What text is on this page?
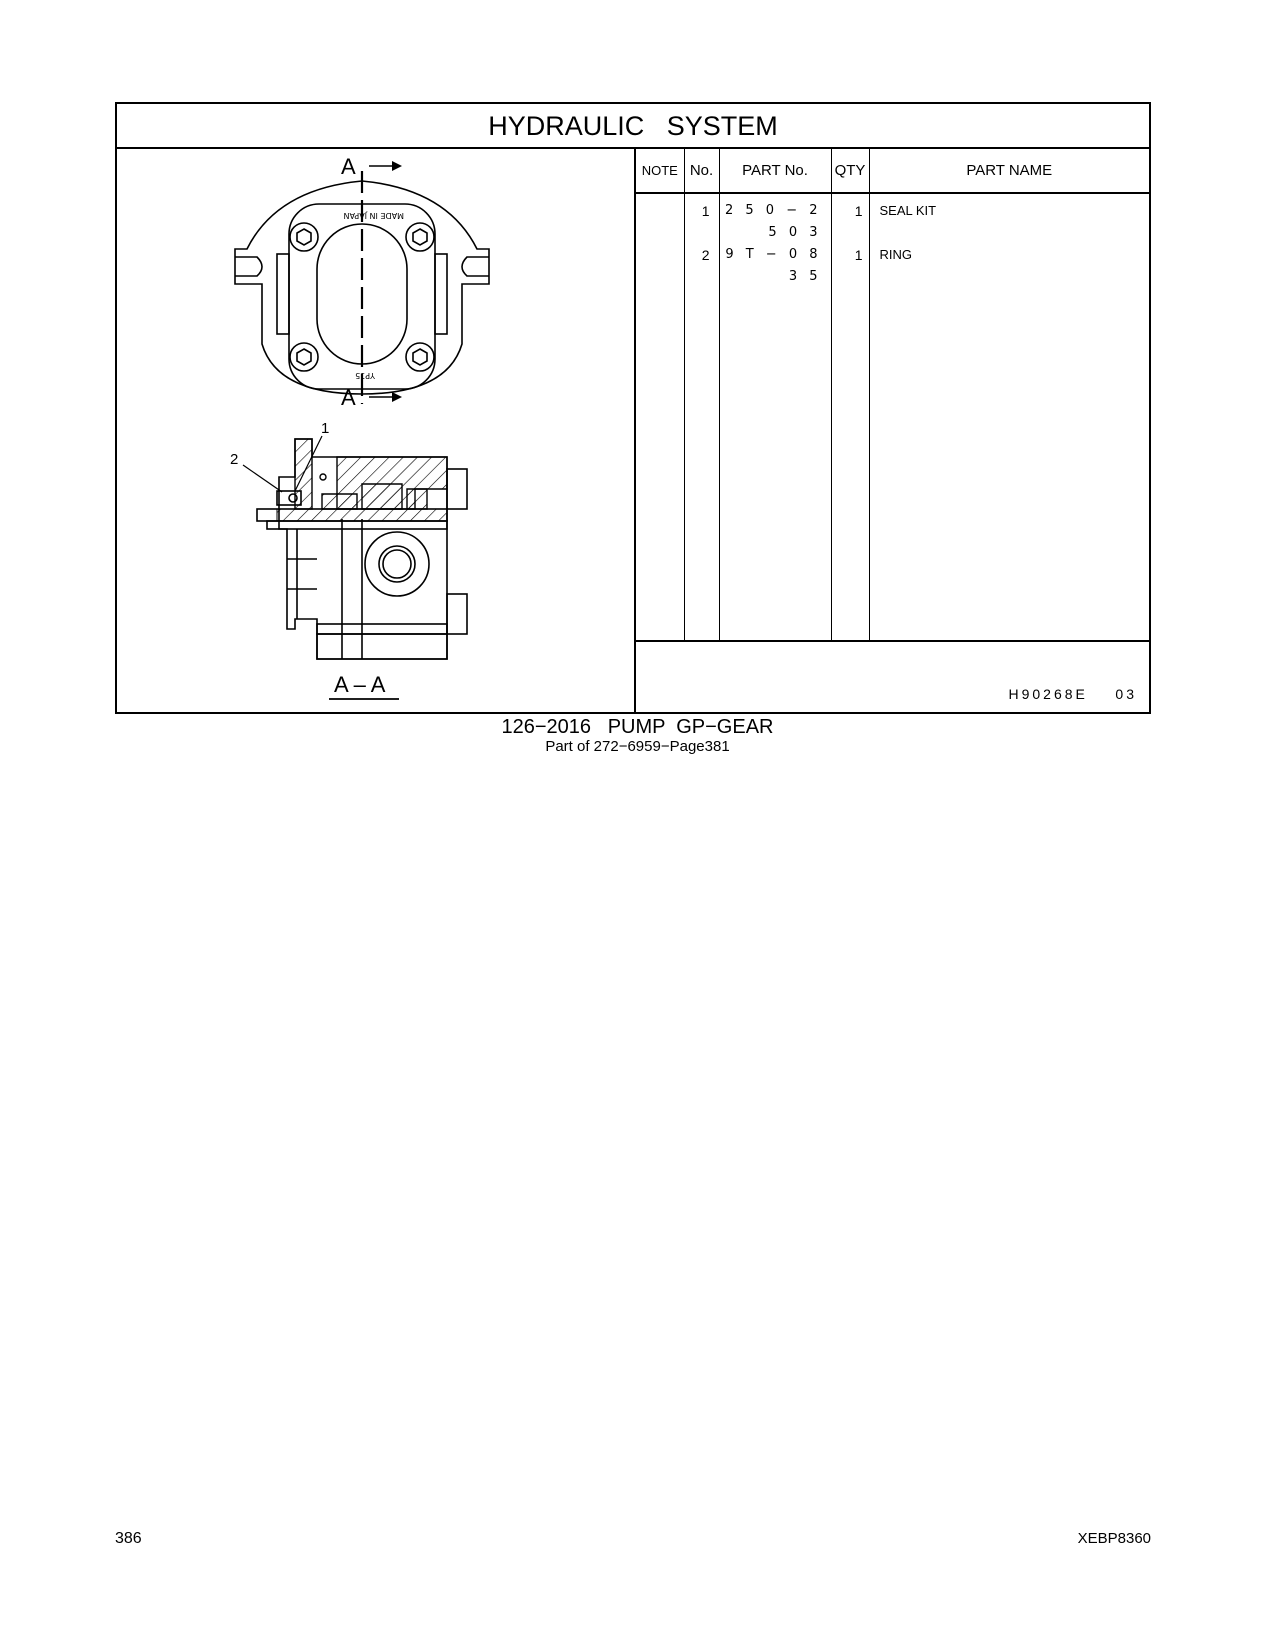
HYDRAULIC   SYSTEM
A
A
MADE IN JAPAN
YP15
1
2
A – A
NOTE	No.	PART No.	QTY	PART NAME
	1	2 5 0 − 2 5 0 3	1	SEAL KIT
	2	9 T − 0 8 3 5	1	RING

H90268E    03
126−2016   PUMP  GP−GEAR
Part of 272−6959−Page381
386	XEBP8360
